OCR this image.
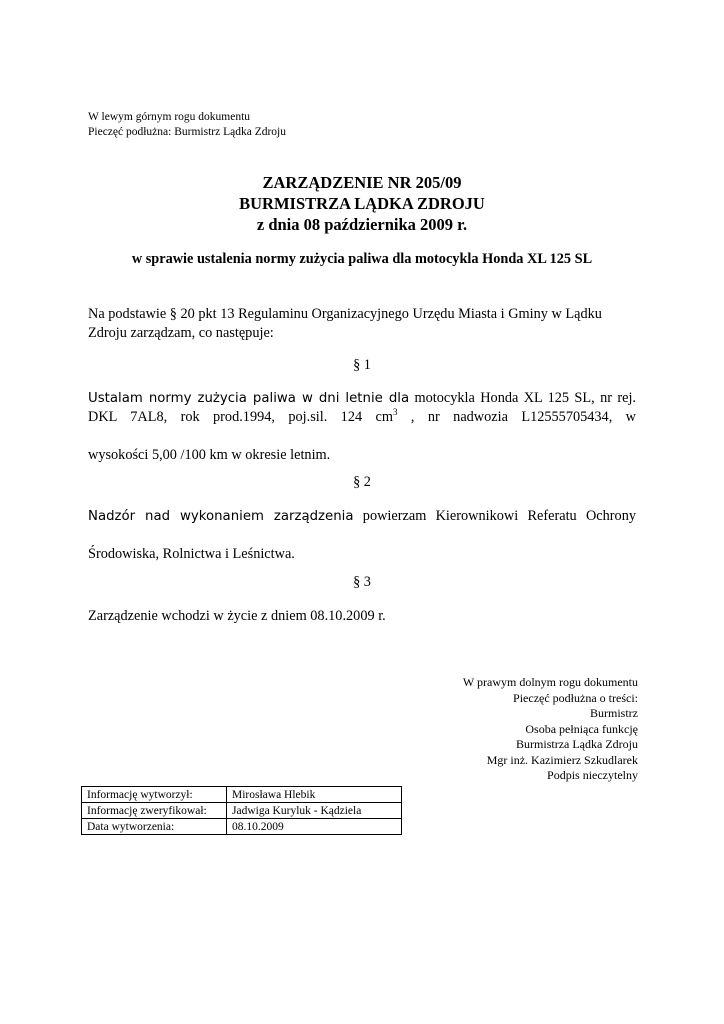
W lewym górnym rogu dokumentu
Pieczęć podłużna: Burmistrz Lądka Zdroju
ZARZĄDZENIE NR 205/09
BURMISTRZA LĄDKA ZDROJU
z dnia 08 października 2009 r.
w sprawie ustalenia normy zużycia paliwa dla motocykla Honda XL 125 SL
Na podstawie § 20 pkt 13 Regulaminu Organizacyjnego Urzędu Miasta i Gminy w Lądku
Zdroju zarządzam, co następuje:
§ 1
Ustalam normy zużycia paliwa w dni letnie dla motocykla Honda XL 125 SL, nr rej. DKL 7AL8, rok prod.1994, poj.sil. 124 $cm^3$ , nr nadwozia L12555705434, w
wysokości 5,00 /100 km w okresie letnim.
§ 2
Nadzór nad wykonaniem zarządzenia powierzam Kierownikowi Referatu Ochrony
Środowiska, Rolnictwa i Leśnictwa.
§ 3
Zarządzenie wchodzi w życie z dniem 08.10.2009 r.
W prawym dolnym rogu dokumentu
Pieczęć podłużna o treści:
Burmistrz
Osoba pełniąca funkcję
Burmistrza Lądka Zdroju
Mgr inż. Kazimierz Szkudlarek
Podpis nieczytelny
Informację wytworzył:	Mirosława Hlebik
Informację zweryfikował:	Jadwiga Kuryluk - Kądziela
Data wytworzenia:	08.10.2009
